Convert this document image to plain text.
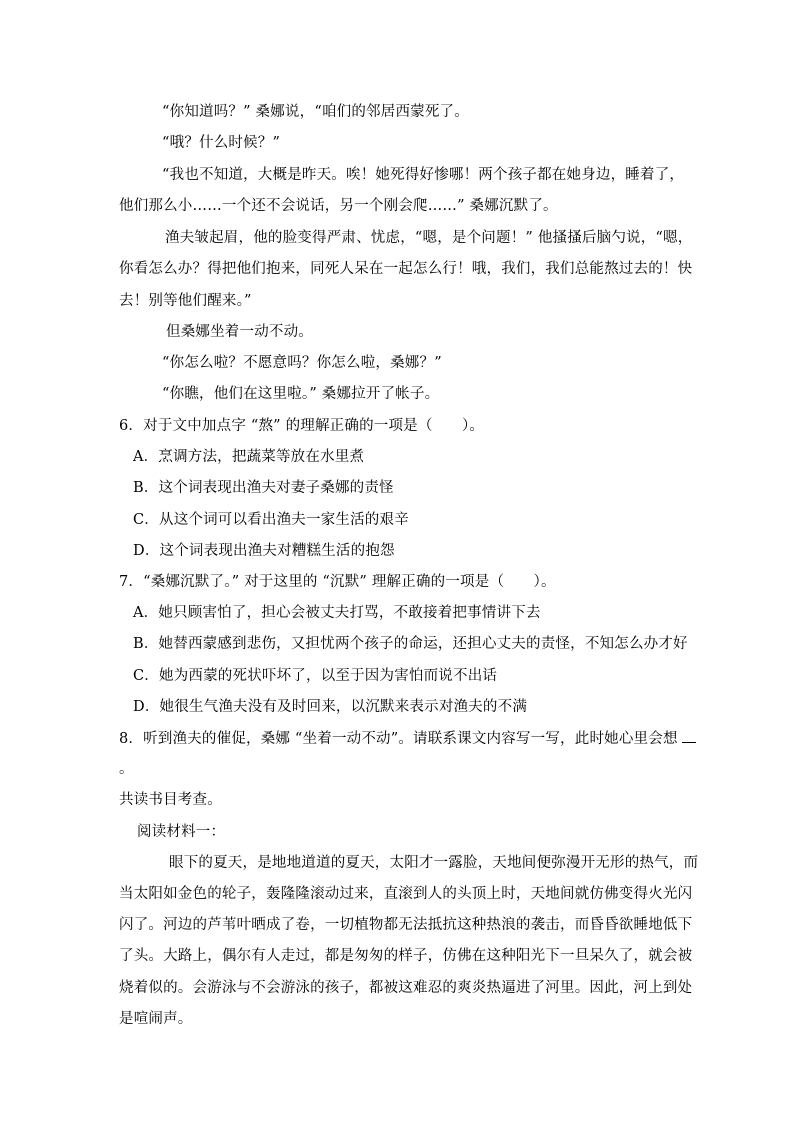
“你知道吗？” 桑娜说，“咱们的邻居西蒙死了。
“哦？什么时候？”
“我也不知道，大概是昨天。唉！她死得好惨哪！两个孩子都在她身边，睡着了，
他们那么小……一个还不会说话，另一个刚会爬……” 桑娜沉默了。
渔夫皱起眉，他的脸变得严肃、忧虑，“嗯，是个问题！” 他搔搔后脑勺说，“嗯，
你看怎么办？得把他们抱来，同死人呆在一起怎么行！哦，我们，我们总能熬过去的！快
去！别等他们醒来。”
但桑娜坐着一动不动。
“你怎么啦？不愿意吗？你怎么啦，桑娜？”
“你瞧，他们在这里啦。” 桑娜拉开了帐子。
6．对于文中加点字 “熬” 的理解正确的一项是（　　）。
A．烹调方法，把蔬菜等放在水里煮
B．这个词表现出渔夫对妻子桑娜的责怪
C．从这个词可以看出渔夫一家生活的艰辛
D．这个词表现出渔夫对糟糕生活的抱怨
7．“桑娜沉默了。” 对于这里的 “沉默” 理解正确的一项是（　　）。
A．她只顾害怕了，担心会被丈夫打骂，不敢接着把事情讲下去
B．她替西蒙感到悲伤，又担忧两个孩子的命运，还担心丈夫的责怪，不知怎么办才好
C．她为西蒙的死状吓坏了，以至于因为害怕而说不出话
D．她很生气渔夫没有及时回来，以沉默来表示对渔夫的不满
8．听到渔夫的催促，桑娜 “坐着一动不动”。请联系课文内容写一写，此时她心里会想
。
共读书目考查。
阅读材料一：
眼下的夏天，是地地道道的夏天，太阳才一露脸，天地间便弥漫开无形的热气，而
当太阳如金色的轮子，轰隆隆滚动过来，直滚到人的头顶上时，天地间就仿佛变得火光闪
闪了。河边的芦苇叶晒成了卷，一切植物都无法抵抗这种热浪的袭击，而昏昏欲睡地低下
了头。大路上，偶尔有人走过，都是匆匆的样子，仿佛在这种阳光下一旦呆久了，就会被
烧着似的。会游泳与不会游泳的孩子，都被这难忍的爽炎热逼进了河里。因此，河上到处
是喧闹声。
